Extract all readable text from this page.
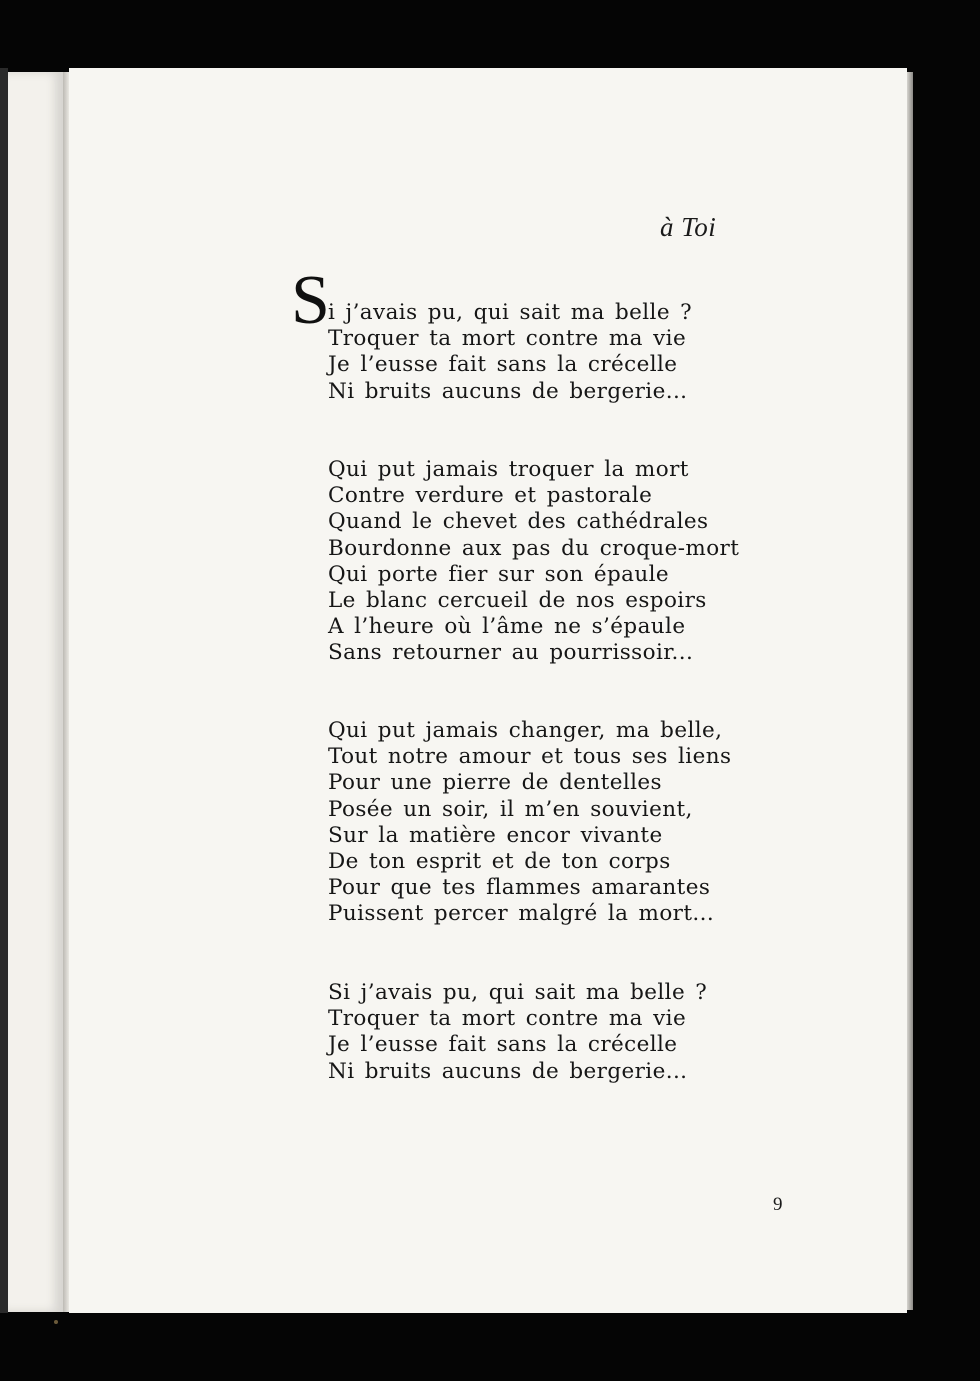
à Toi
S
i j’avais pu, qui sait ma belle ?
Troquer ta mort contre ma vie
Je l’eusse fait sans la crécelle
Ni bruits aucuns de bergerie...
Qui put jamais troquer la mort
Contre verdure et pastorale
Quand le chevet des cathédrales
Bourdonne aux pas du croque-mort
Qui porte fier sur son épaule
Le blanc cercueil de nos espoirs
A l’heure où l’âme ne s’épaule
Sans retourner au pourrissoir...
Qui put jamais changer, ma belle,
Tout notre amour et tous ses liens
Pour une pierre de dentelles
Posée un soir, il m’en souvient,
Sur la matière encor vivante
De ton esprit et de ton corps
Pour que tes flammes amarantes
Puissent percer malgré la mort...
Si j’avais pu, qui sait ma belle ?
Troquer ta mort contre ma vie
Je l’eusse fait sans la crécelle
Ni bruits aucuns de bergerie...
9
